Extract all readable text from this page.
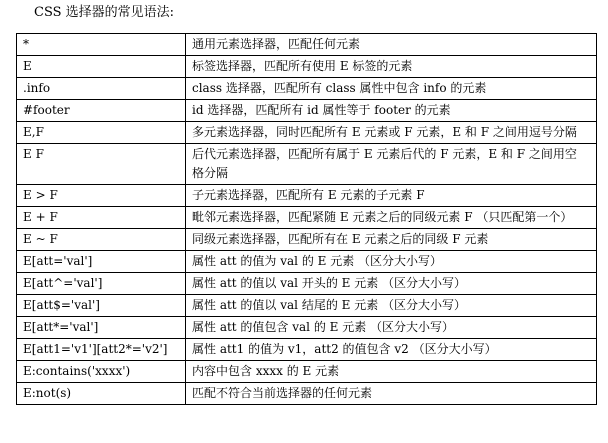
CSS 选择器的常见语法:
*	通用元素选择器，匹配任何元素
E	标签选择器，匹配所有使用 E 标签的元素
.info	class 选择器，匹配所有 class 属性中包含 info 的元素
#footer	id 选择器，匹配所有 id 属性等于 footer 的元素
E,F	多元素选择器，同时匹配所有 E 元素或 F 元素，E 和 F 之间用逗号分隔
E F	后代元素选择器，匹配所有属于 E 元素后代的 F 元素，E 和 F 之间用空格分隔
E > F	子元素选择器，匹配所有 E 元素的子元素 F
E + F	毗邻元素选择器，匹配紧随 E 元素之后的同级元素 F （只匹配第一个）
E ~ F	同级元素选择器，匹配所有在 E 元素之后的同级 F 元素
E[att='val']	属性 att 的值为 val 的 E 元素 （区分大小写）
E[att^='val']	属性 att 的值以 val 开头的 E 元素 （区分大小写）
E[att$='val']	属性 att 的值以 val 结尾的 E 元素 （区分大小写）
E[att*='val']	属性 att 的值包含 val 的 E 元素 （区分大小写）
E[att1='v1'][att2*='v2']	属性 att1 的值为 v1，att2 的值包含 v2 （区分大小写）
E:contains('xxxx')	内容中包含 xxxx 的 E 元素
E:not(s)	匹配不符合当前选择器的任何元素
